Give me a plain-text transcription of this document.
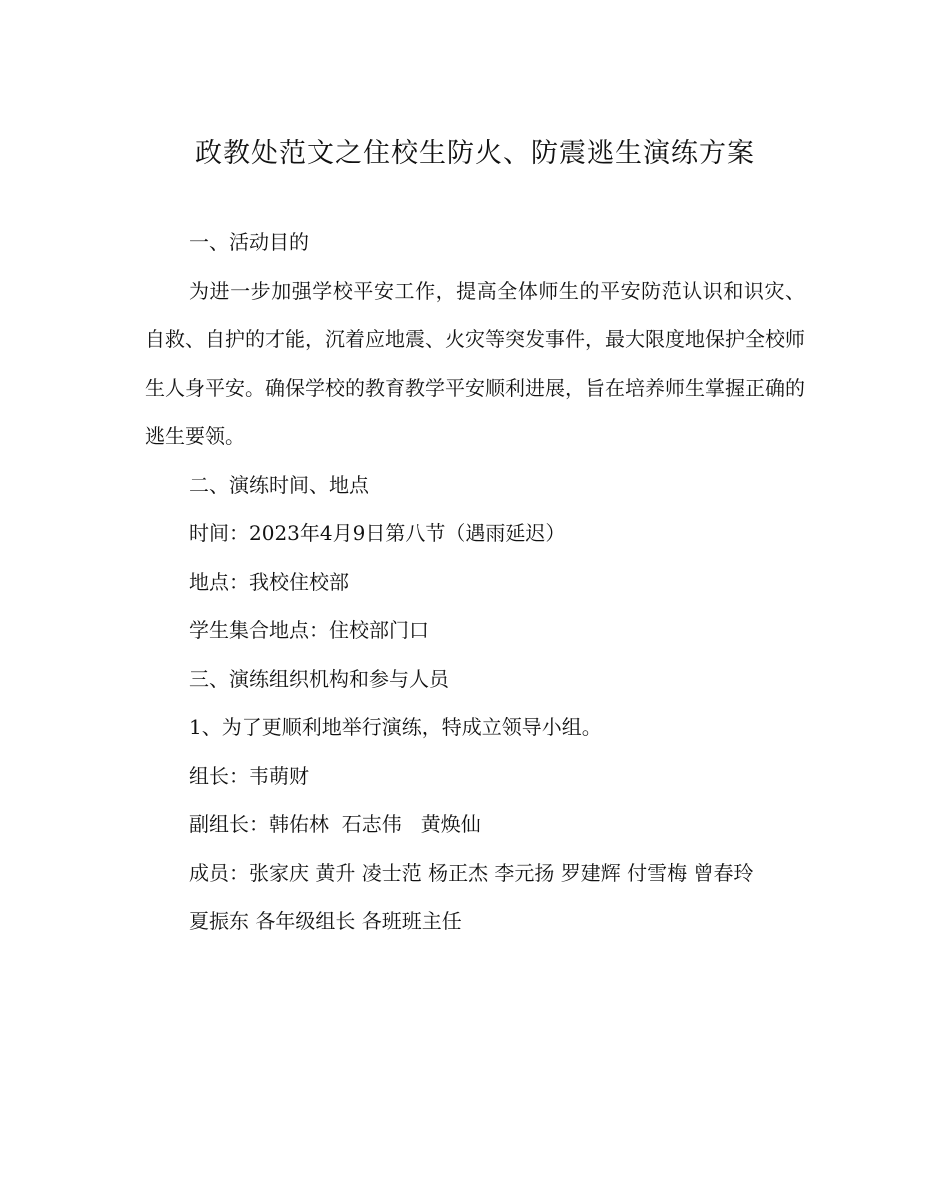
政教处范文之住校生防火、防震逃生演练方案

一、活动目的

为进一步加强学校平安工作，提高全体师生的平安防范认识和识灾、自救、自护的才能，沉着应地震、火灾等突发事件，最大限度地保护全校师生人身平安。确保学校的教育教学平安顺利进展，旨在培养师生掌握正确的逃生要领。

二、演练时间、地点

时间：2023年4月9日第八节（遇雨延迟）

地点：我校住校部

学生集合地点：住校部门口

三、演练组织机构和参与人员

1、为了更顺利地举行演练，特成立领导小组。

组长：韦萌财

副组长：韩佑林  石志伟   黄焕仙

成员：张家庆 黄升 凌士范 杨正杰 李元扬 罗建辉 付雪梅 曾春玲

夏振东 各年级组长 各班班主任
